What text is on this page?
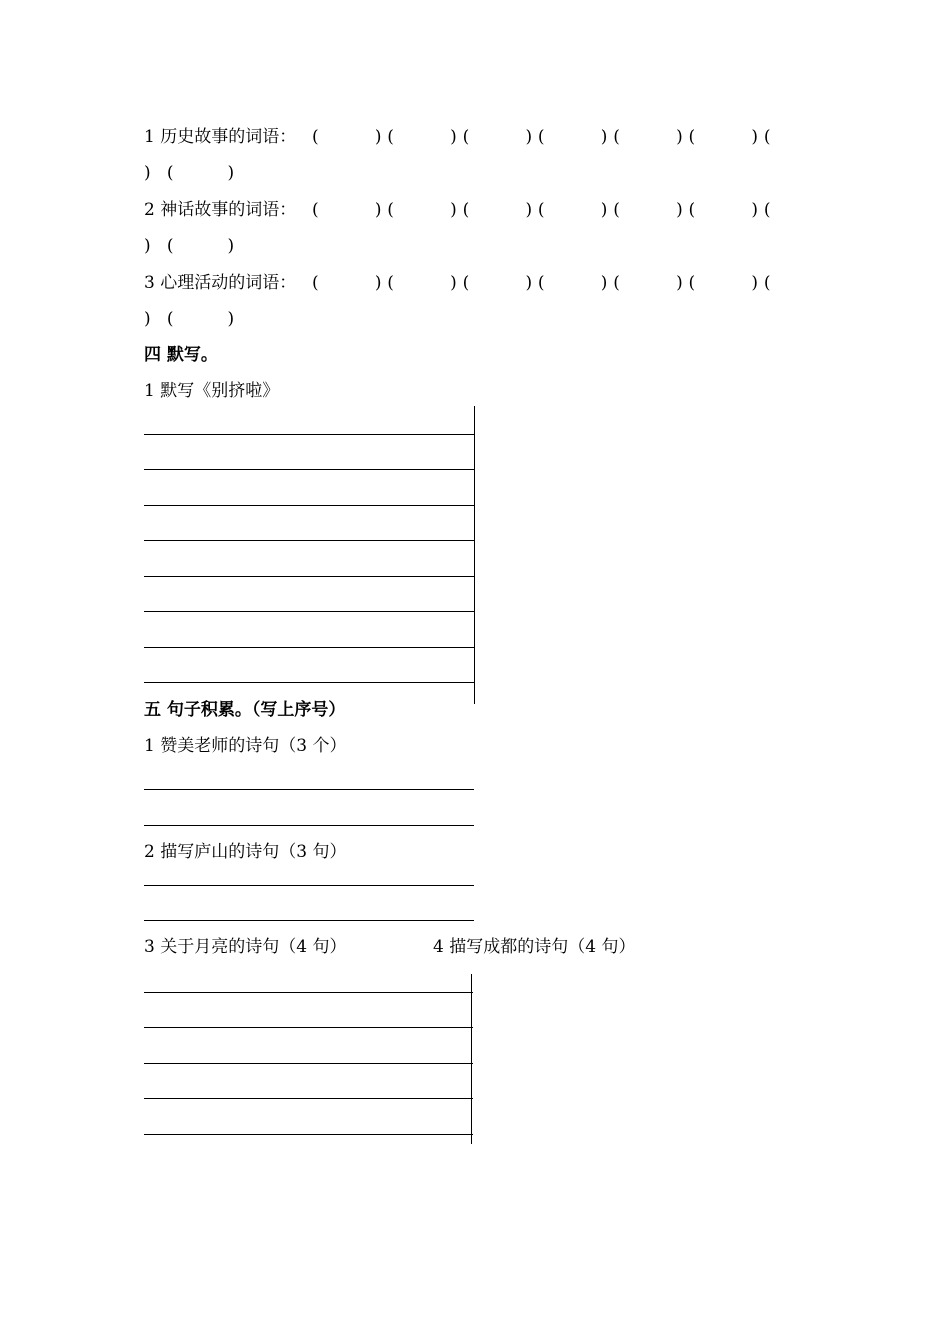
1 历史故事的词语： (          ) (          ) (          ) (          ) (          ) (          ) (
)   (          )
2 神话故事的词语： (          ) (          ) (          ) (          ) (          ) (          ) (
)   (          )
3 心理活动的词语： (          ) (          ) (          ) (          ) (          ) (          ) (
)   (          )
四 默写。
1 默写《别挤啦》
五 句子积累。（写上序号）
1 赞美老师的诗句（3 个）
2 描写庐山的诗句（3 句）
3 关于月亮的诗句（4 句）	4 描写成都的诗句（4 句）
